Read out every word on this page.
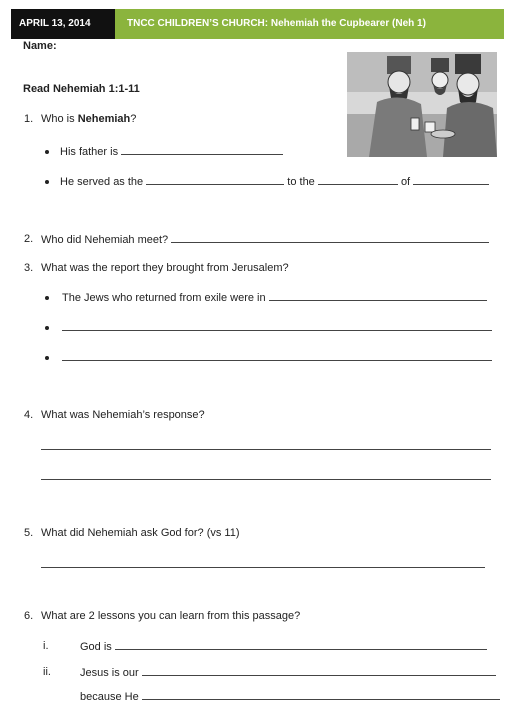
APRIL 13, 2014	TNCC CHILDREN’S CHURCH: Nehemiah the Cupbearer (Neh 1)
Name:
Read Nehemiah 1:1-11
1. Who is Nehemiah?
His father is
He served as the	to the	of
2. Who did Nehemiah meet?
3. What was the report they brought from Jerusalem?
The Jews who returned from exile were in
4. What was Nehemiah’s response?
5. What did Nehemiah ask God for? (vs 11)
6. What are 2 lessons you can learn from this passage?
i.	God is
ii.	Jesus is our
because He
